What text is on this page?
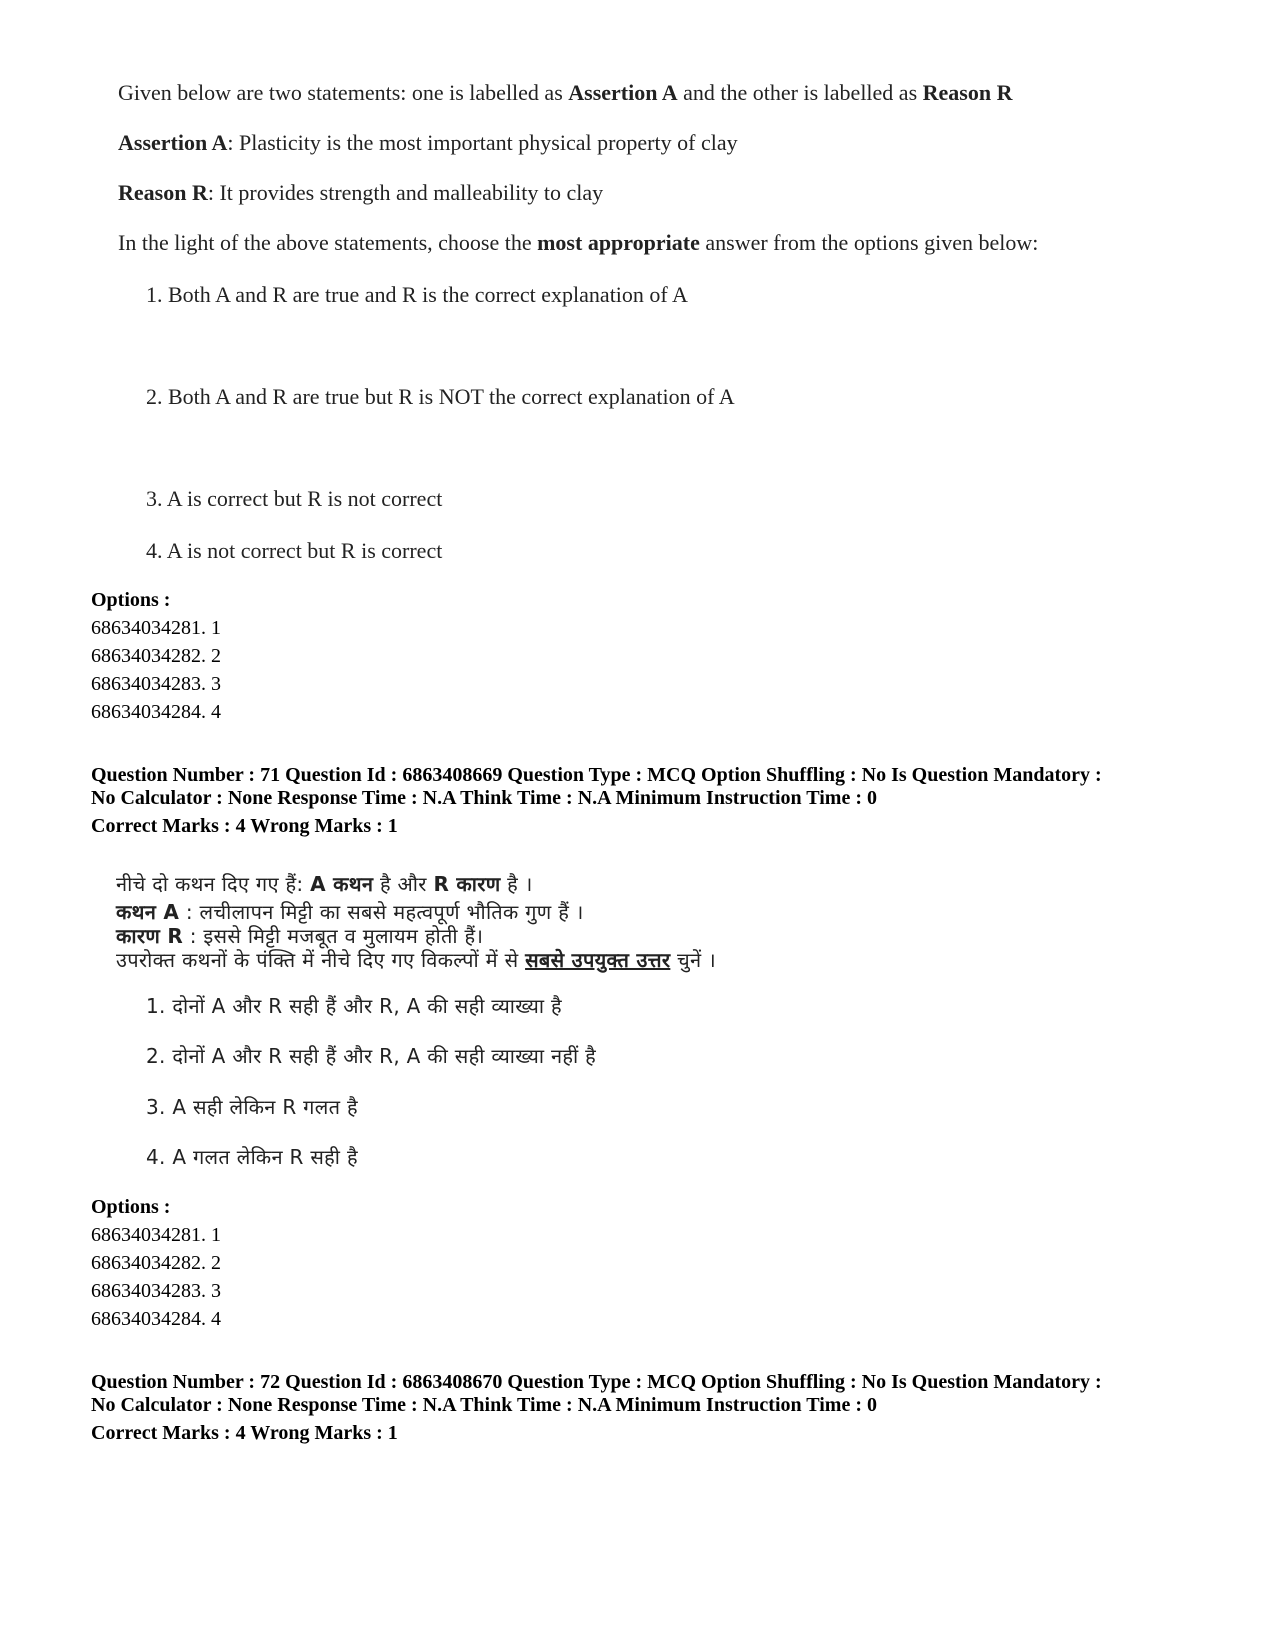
Given below are two statements: one is labelled as Assertion A and the other is labelled as Reason R
Assertion A: Plasticity is the most important physical property of clay
Reason R: It provides strength and malleability to clay
In the light of the above statements, choose the most appropriate answer from the options given below:
1. Both A and R are true and R is the correct explanation of A
2. Both A and R are true but R is NOT the correct explanation of A
3. A is correct but R is not correct
4. A is not correct but R is correct
Options :
68634034281. 1
68634034282. 2
68634034283. 3
68634034284. 4
Question Number : 71 Question Id : 6863408669 Question Type : MCQ Option Shuffling : No Is Question Mandatory :
No Calculator : None Response Time : N.A Think Time : N.A Minimum Instruction Time : 0
Correct Marks : 4 Wrong Marks : 1
नीचे दो कथन दिए गए हैं: A कथन है और R कारण है ।
कथन A : लचीलापन मिट्टी का सबसे महत्वपूर्ण भौतिक गुण हैं ।
कारण R : इससे मिट्टी मजबूत व मुलायम होती हैं।
उपरोक्त कथनों के पंक्ति में नीचे दिए गए विकल्पों में से सबसे उपयुक्त उत्तर चुनें ।
1. दोनों A और R सही हैं और R, A की सही व्याख्या है
2. दोनों A और R सही हैं और R, A की सही व्याख्या नहीं है
3. A सही लेकिन R गलत है
4. A गलत लेकिन R सही है
Options :
68634034281. 1
68634034282. 2
68634034283. 3
68634034284. 4
Question Number : 72 Question Id : 6863408670 Question Type : MCQ Option Shuffling : No Is Question Mandatory :
No Calculator : None Response Time : N.A Think Time : N.A Minimum Instruction Time : 0
Correct Marks : 4 Wrong Marks : 1
